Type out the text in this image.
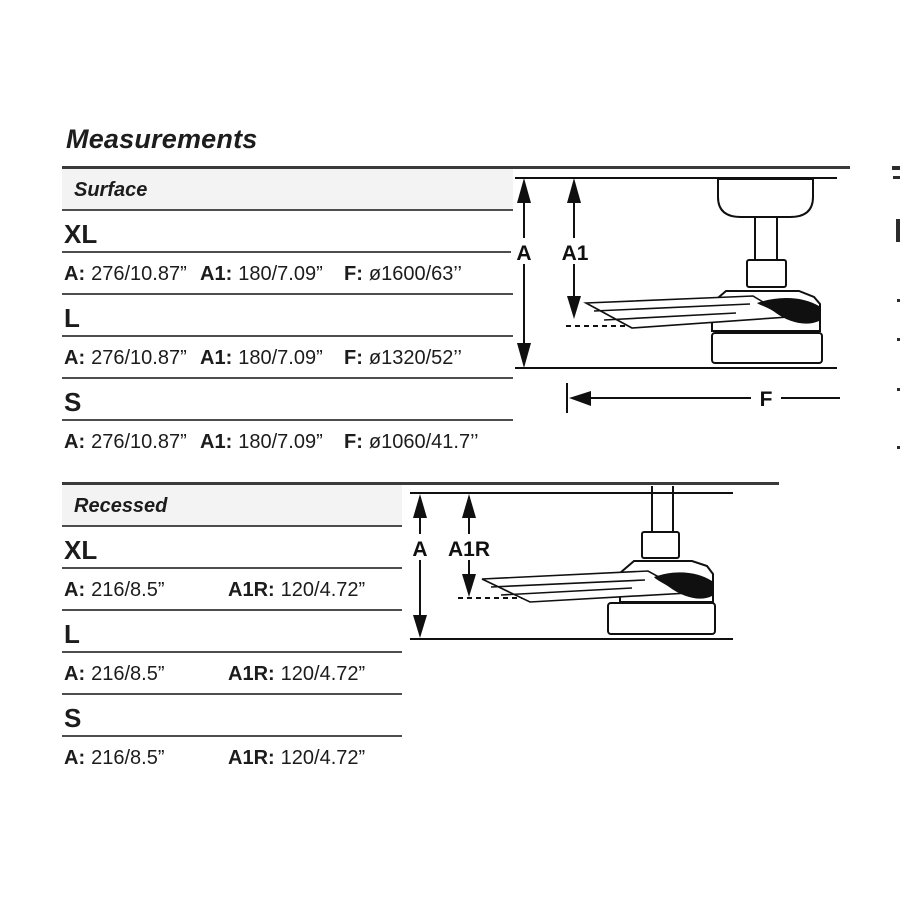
Measurements
Surface
XL
A: 276/10.87” A1: 180/7.09” F: ø1600/63’’
L
A: 276/10.87” A1: 180/7.09” F: ø1320/52’’
S
A: 276/10.87” A1: 180/7.09” F: ø1060/41.7’’
Recessed
XL
A: 216/8.5”	A1R: 120/4.72”
L
A: 216/8.5”	A1R: 120/4.72”
S
A: 216/8.5”	A1R: 120/4.72”
A A1
F
A A1R
